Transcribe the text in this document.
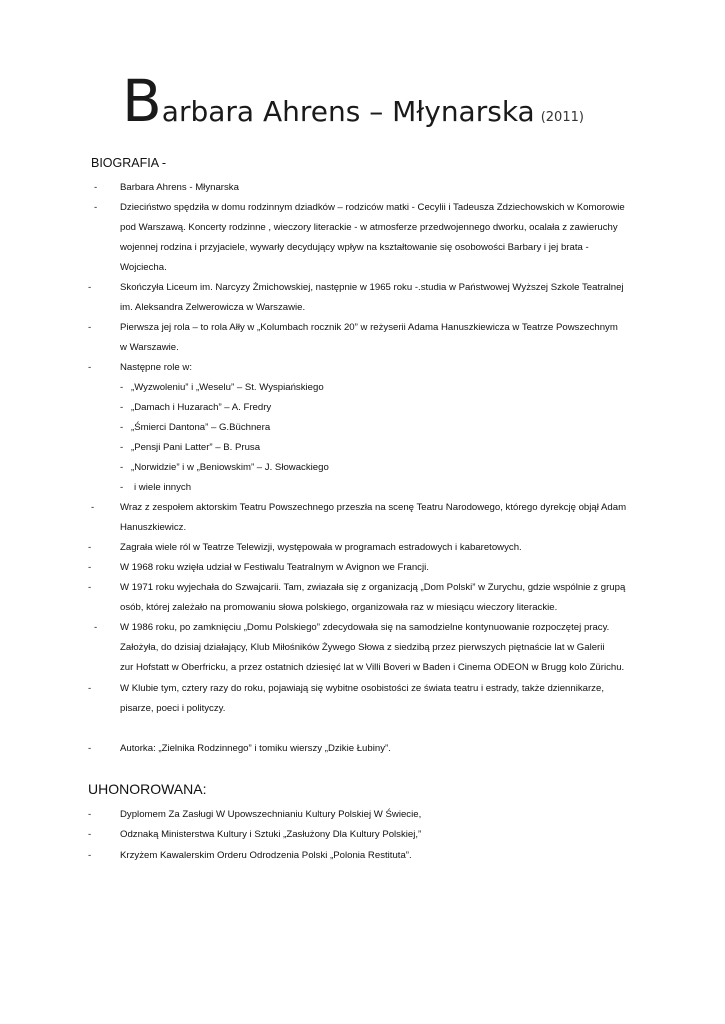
Barbara Ahrens – Młynarska (2011)
BIOGRAFIA -
- Barbara Ahrens - Młynarska
- Dzieciństwo spędziła w domu rodzinnym dziadków – rodziców matki - Cecylii i Tadeusza Zdziechowskich w Komorowie
pod Warszawą. Koncerty rodzinne , wieczory literackie - w atmosferze przedwojennego dworku, ocalała z zawieruchy
wojennej rodzina i przyjaciele, wywarły decydujący wpływ na kształtowanie się osobowości Barbary i jej brata -
Wojciecha.
-	Skończyła Liceum im. Narcyzy Żmichowskiej, następnie w 1965 roku -.studia w Państwowej Wyższej Szkole Teatralnej
im. Aleksandra Zelwerowicza w Warszawie.
-	Pierwsza jej rola – to rola Ałły w „Kolumbach rocznik 20” w reżyserii Adama Hanuszkiewicza w Teatrze Powszechnym
w Warszawie.
-	Następne role w:
- „Wyzwoleniu” i „Weselu” – St. Wyspiańskiego
- „Damach i Huzarach” – A. Fredry
- „Śmierci Dantona” – G.Büchnera
- „Pensji Pani Latter” – B. Prusa
- „Norwidzie” i w „Beniowskim” – J. Słowackiego
- i wiele innych
-	Wraz z zespołem aktorskim Teatru Powszechnego przeszła na scenę Teatru Narodowego, którego dyrekcję objął Adam
Hanuszkiewicz.
-	Zagrała wiele ról w Teatrze Telewizji, występowała w programach estradowych i kabaretowych.
-	W 1968 roku wzięła udział w Festiwalu Teatralnym w Avignon we Francji.
-	W 1971 roku wyjechała do Szwajcarii. Tam, zwiazała się z organizacją „Dom Polski” w Zurychu, gdzie wspólnie z grupą
osób, której zależało na promowaniu słowa polskiego, organizowała raz w miesiącu wieczory literackie.
- W 1986 roku, po zamknięciu „Domu Polskiego” zdecydowała się na samodzielne kontynuowanie rozpoczętej pracy.
Założyła, do dzisiaj działający, Klub Miłośników Żywego Słowa z siedzibą przez pierwszych piętnaście lat w Galerii
zur Hofstatt w Oberfricku, a przez ostatnich dziesięć lat w Villi Boveri w Baden i Cinema ODEON w Brugg kolo Zürichu.
-	W Klubie tym, cztery razy do roku, pojawiają się wybitne osobistości ze świata teatru i estrady, także dziennikarze,
pisarze, poeci i polityczy.
-	Autorka: „Zielnika Rodzinnego” i tomiku wierszy „Dzikie Łubiny”.
UHONOROWANA:
-	Dyplomem Za Zasługi W Upowszechnianiu Kultury Polskiej W Świecie,
-	Odznaką Ministerstwa Kultury i Sztuki „Zasłużony Dla Kultury Polskiej,”
-	Krzyżem Kawalerskim Orderu Odrodzenia Polski „Polonia Restituta”.
